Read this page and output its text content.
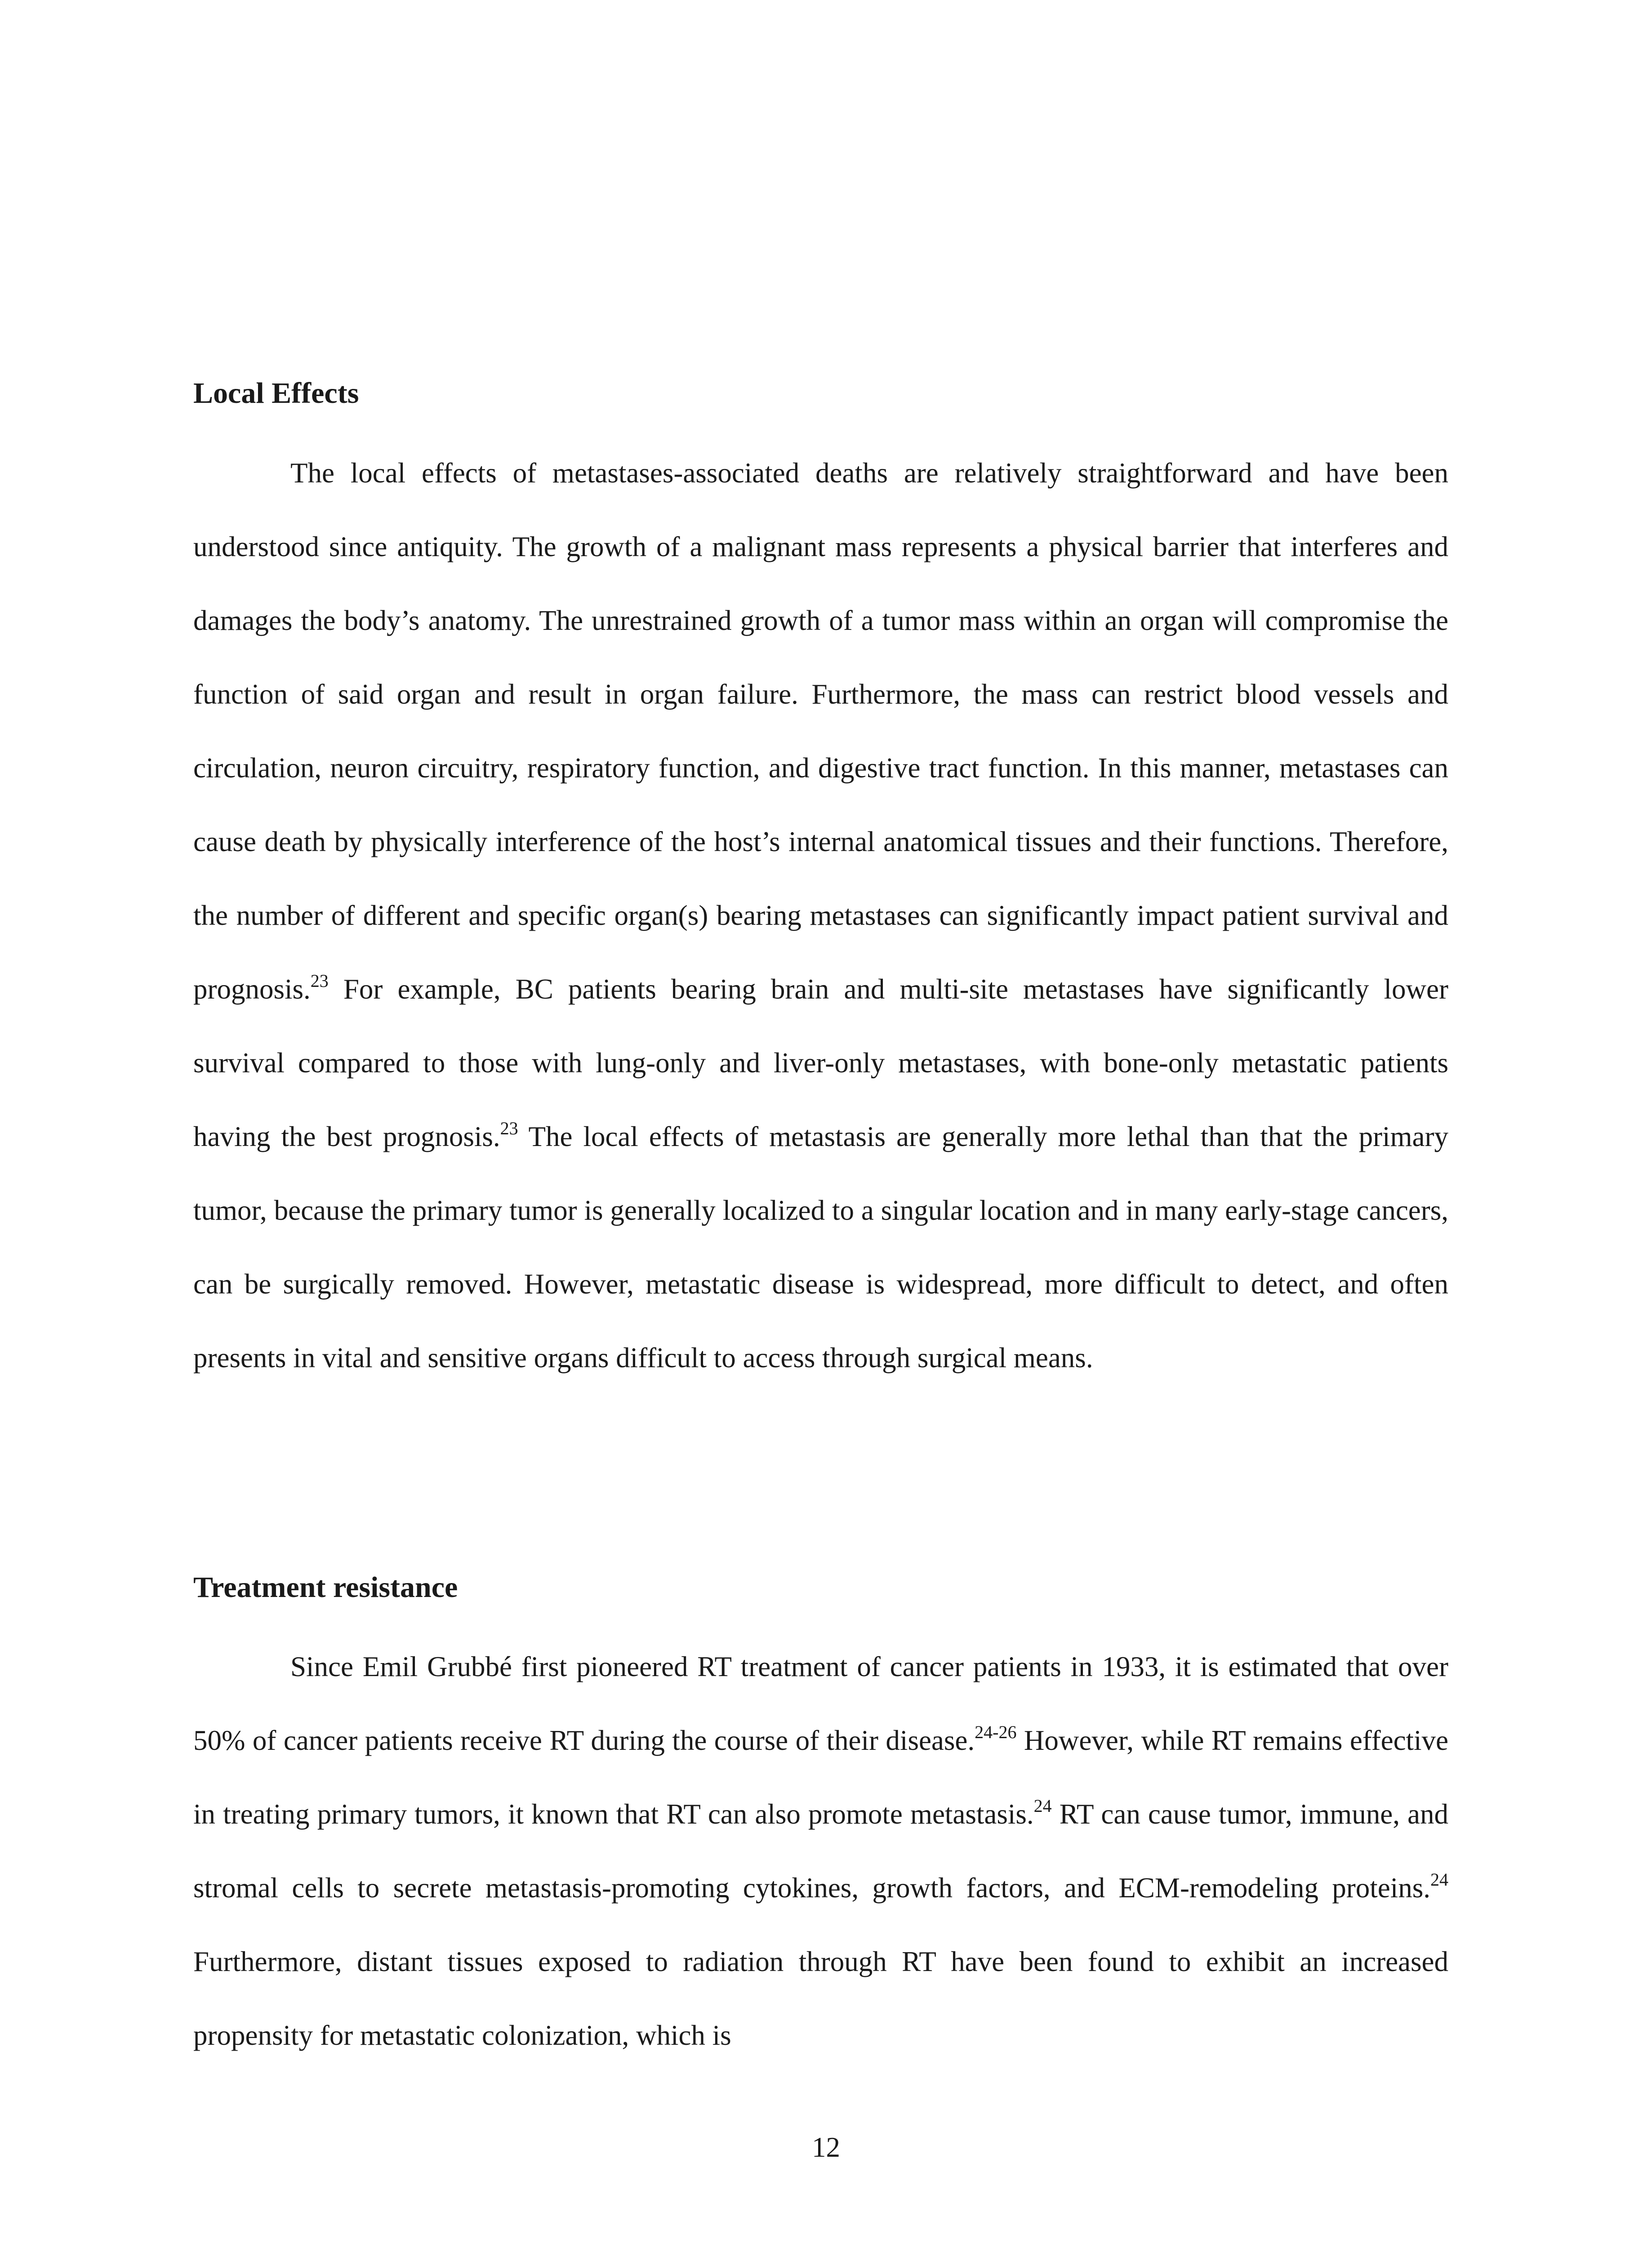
Local Effects

The local effects of metastases-associated deaths are relatively straightforward and have been understood since antiquity. The growth of a malignant mass represents a physical barrier that interferes and damages the body’s anatomy. The unrestrained growth of a tumor mass within an organ will compromise the function of said organ and result in organ failure. Furthermore, the mass can restrict blood vessels and circulation, neuron circuitry, respiratory function, and digestive tract function. In this manner, metastases can cause death by physically interference of the host’s internal anatomical tissues and their functions. Therefore, the number of different and specific organ(s) bearing metastases can significantly impact patient survival and prognosis.$^{23}$ For example, BC patients bearing brain and multi-site metastases have significantly lower survival compared to those with lung-only and liver-only metastases, with bone-only metastatic patients having the best prognosis.$^{23}$ The local effects of metastasis are generally more lethal than that the primary tumor, because the primary tumor is generally localized to a singular location and in many early-stage cancers, can be surgically removed. However, metastatic disease is widespread, more difficult to detect, and often presents in vital and sensitive organs difficult to access through surgical means.

Treatment resistance

Since Emil Grubbé first pioneered RT treatment of cancer patients in 1933, it is estimated that over 50% of cancer patients receive RT during the course of their disease.$^{24-26}$ However, while RT remains effective in treating primary tumors, it known that RT can also promote metastasis.$^{24}$ RT can cause tumor, immune, and stromal cells to secrete metastasis-promoting cytokines, growth factors, and ECM-remodeling proteins.$^{24}$ Furthermore, distant tissues exposed to radiation through RT have been found to exhibit an increased propensity for metastatic colonization, which is

12
